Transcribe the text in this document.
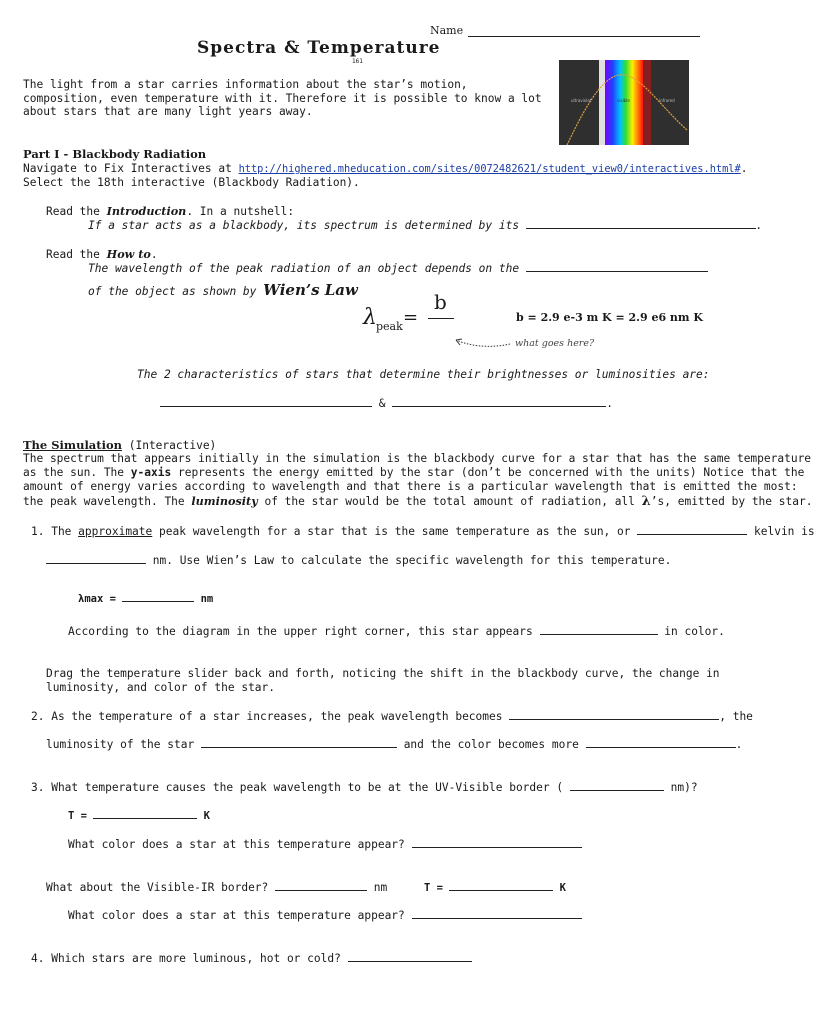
Name
Spectra & Temperature
161
ultraviolet	visible	infrared
The light from a star carries information about the star’s motion, composition, even temperature with it. Therefore it is possible to know a lot about stars that are many light years away.
Part I - Blackbody Radiation
Navigate to Fix Interactives at http://highered.mheducation.com/sites/0072482621/student_view0/interactives.html#.
Select the 18th interactive (Blackbody Radiation).
Read the Introduction. In a nutshell:
If a star acts as a blackbody, its spectrum is determined by its	.
Read the How to.
The wavelength of the peak radiation of an object depends on the
of the object as shown by Wien’s Law
λ peak =
b
b = 2.9 e-3 m K = 2.9 e6 nm K
what goes here?
The 2 characteristics of stars that determine their brightnesses or luminosities are:
&	.
The Simulation (Interactive)
The spectrum that appears initially in the simulation is the blackbody curve for a star that has the same temperature
as the sun. The y-axis represents the energy emitted by the star (don’t be concerned with the units) Notice that the
amount of energy varies according to wavelength and that there is a particular wavelength that is emitted the most:
the peak wavelength. The luminosity of the star would be the total amount of radiation, all λ’s, emitted by the star.
1. The approximate peak wavelength for a star that is the same temperature as the sun, or	kelvin is
nm. Use Wien’s Law to calculate the specific wavelength for this temperature.
λmax =	nm
According to the diagram in the upper right corner, this star appears	in color.
Drag the temperature slider back and forth, noticing the shift in the blackbody curve, the change in luminosity, and color of the star.
2. As the temperature of a star increases, the peak wavelength becomes	, the
luminosity of the star	and the color becomes more	.
3. What temperature causes the peak wavelength to be at the UV-Visible border (	nm)?
T =	K
What color does a star at this temperature appear?
What about the Visible-IR border?	nm	T =	K
What color does a star at this temperature appear?
4. Which stars are more luminous, hot or cold?
